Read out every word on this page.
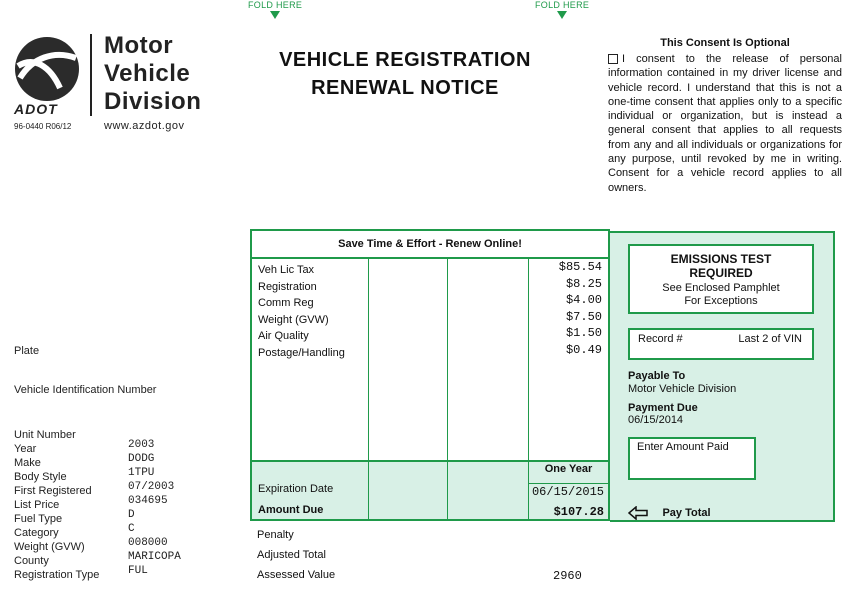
FOLD HERE	FOLD HERE
ADOT
Motor
Vehicle
Division
96-0440 R06/12	www.azdot.gov
VEHICLE REGISTRATION
RENEWAL NOTICE
This Consent Is Optional
I consent to the release of personal information contained in my driver license and vehicle record. I understand that this is not a one-time consent that applies only to a specific individual or organization, but is instead a general consent that applies to all requests from any and all individuals or organizations for any purpose, until revoked by me in writing. Consent for a vehicle record applies to all owners.
Plate
Vehicle Identification Number
Unit Number
Year	2003
Make	DODG
Body Style	1TPU
First Registered	07/2003
List Price	034695
Fuel Type	D
Category	C
Weight (GVW)	008000
County	MARICOPA
Registration Type	FUL
Save Time & Effort - Renew Online!
Veh Lic Tax	$85.54
Registration	$8.25
Comm Reg	$4.00
Weight (GVW)	$7.50
Air Quality	$1.50
Postage/Handling	$0.49
One Year
Expiration Date	06/15/2015
Amount Due	$107.28
Penalty
Adjusted Total
Assessed Value	2960
EMISSIONS TEST REQUIRED
See Enclosed Pamphlet For Exceptions
Record #	Last 2 of VIN
Payable To
Motor Vehicle Division
Payment Due
06/15/2014
Enter Amount Paid
Pay Total
